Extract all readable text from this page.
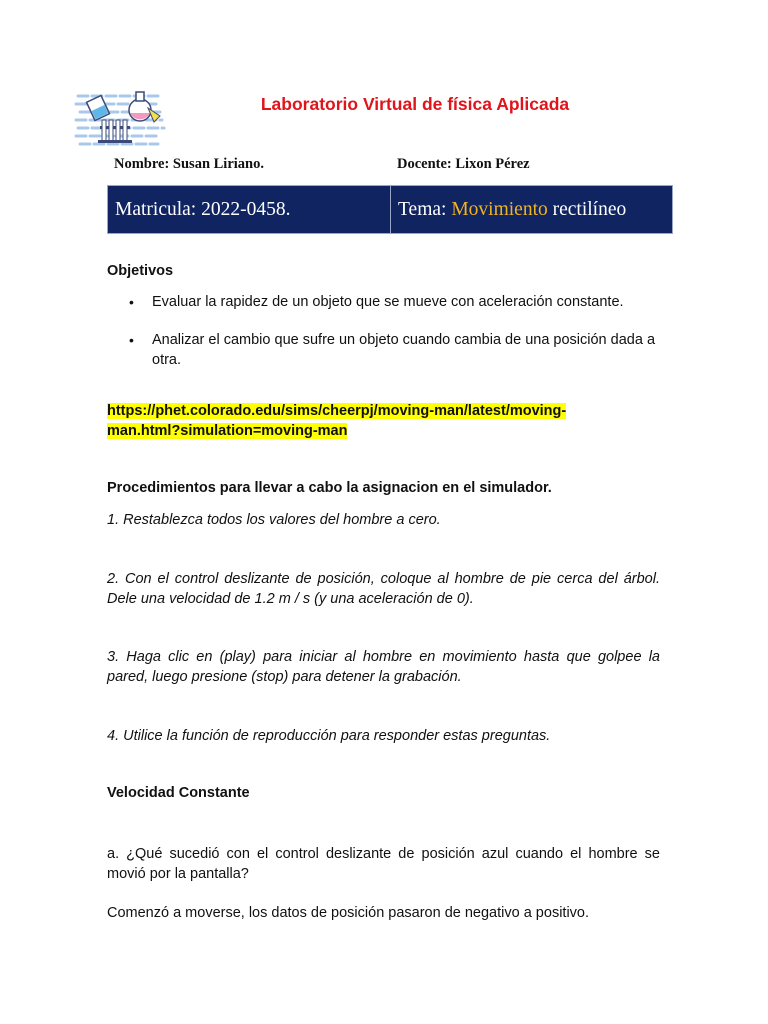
Laboratorio Virtual de física Aplicada
Nombre: Susan Liriano.	Docente: Lixon Pérez
Matricula: 2022-0458.	Tema: Movimiento rectilíneo
Objetivos
• Evaluar la rapidez de un objeto que se mueve con aceleración constante.
• Analizar el cambio que sufre un objeto cuando cambia de una posición dada a otra.
https://phet.colorado.edu/sims/cheerpj/moving-man/latest/moving-
man.html?simulation=moving-man
Procedimientos para llevar a cabo la asignacion en el simulador.
1. Restablezca todos los valores del hombre a cero.
2. Con el control deslizante de posición, coloque al hombre de pie cerca del árbol. Dele una velocidad de 1.2 m / s (y una aceleración de 0).
3. Haga clic en (play) para iniciar al hombre en movimiento hasta que golpee la pared, luego presione (stop) para detener la grabación.
4. Utilice la función de reproducción para responder estas preguntas.
Velocidad Constante
a. ¿Qué sucedió con el control deslizante de posición azul cuando el hombre se movió por la pantalla?
Comenzó a moverse, los datos de posición pasaron de negativo a positivo.
